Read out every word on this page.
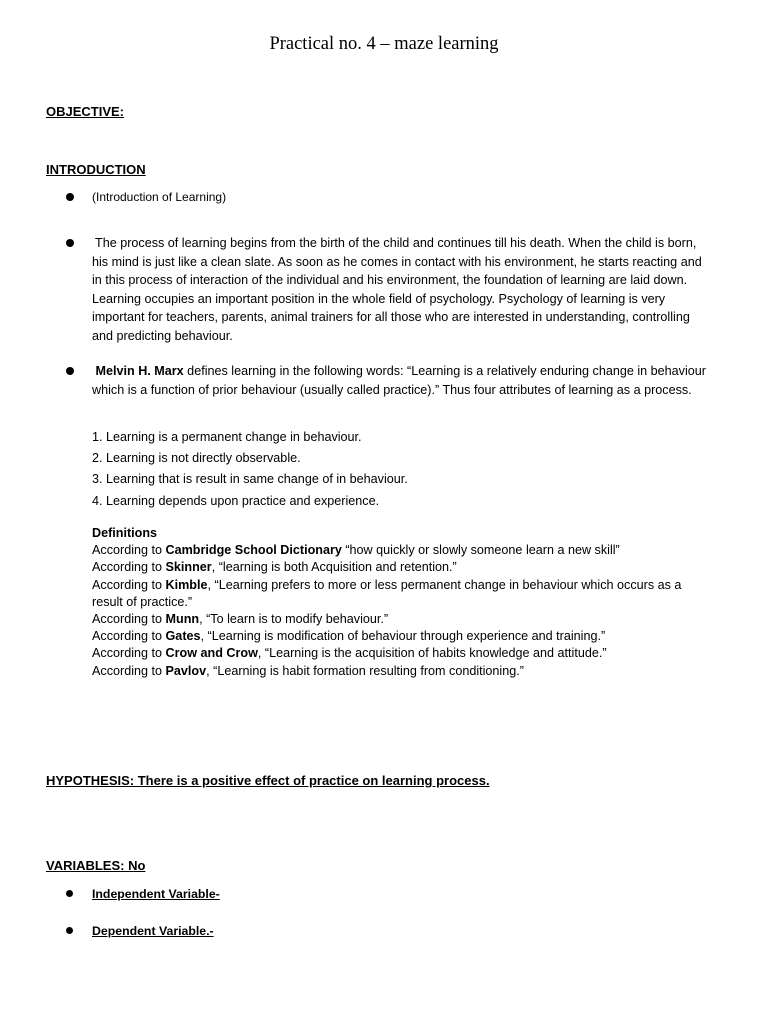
Practical no. 4 – maze learning
OBJECTIVE:
INTRODUCTION
(Introduction of Learning)
The process of learning begins from the birth of the child and continues till his death. When the child is born, his mind is just like a clean slate. As soon as he comes in contact with his environment, he starts reacting and in this process of interaction of the individual and his environment, the foundation of learning are laid down. Learning occupies an important position in the whole field of psychology. Psychology of learning is very important for teachers, parents, animal trainers for all those who are interested in understanding, controlling and predicting behaviour.
Melvin H. Marx defines learning in the following words: “Learning is a relatively enduring change in behaviour which is a function of prior behaviour (usually called practice).” Thus four attributes of learning as a process.
1. Learning is a permanent change in behaviour.
2. Learning is not directly observable.
3. Learning that is result in same change of in behaviour.
4. Learning depends upon practice and experience.
Definitions
According to Cambridge School Dictionary “how quickly or slowly someone learn a new skill”
According to Skinner, “learning is both Acquisition and retention.”
According to Kimble, “Learning prefers to more or less permanent change in behaviour which occurs as a result of practice.”
According to Munn, “To learn is to modify behaviour.”
According to Gates, “Learning is modification of behaviour through experience and training.”
According to Crow and Crow, “Learning is the acquisition of habits knowledge and attitude.”
According to Pavlov, “Learning is habit formation resulting from conditioning.”
HYPOTHESIS: There is a positive effect of practice on learning process.
VARIABLES: No
Independent Variable-
Dependent Variable.-
